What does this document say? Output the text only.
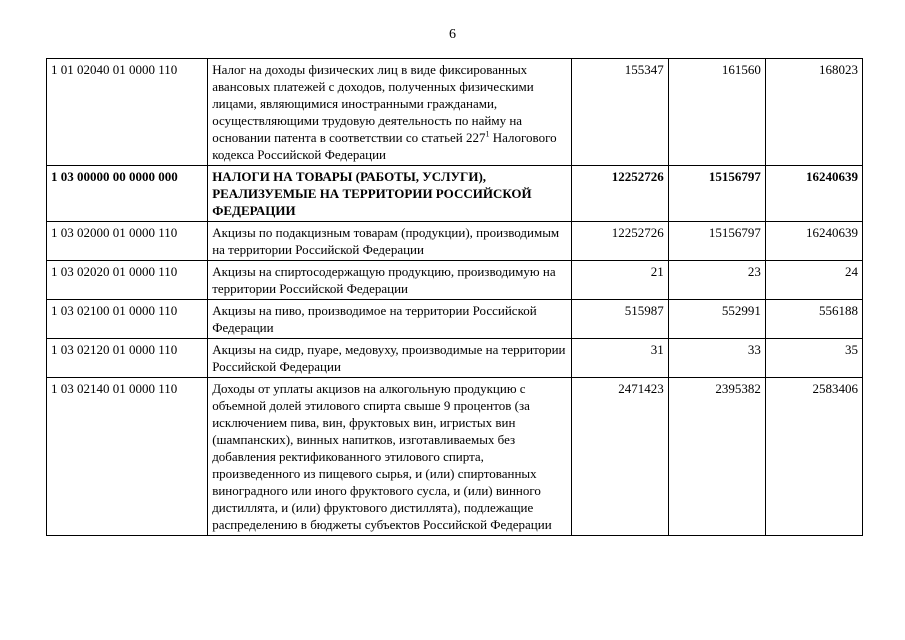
6
1 01 02040 01 0000 110	Налог на доходы физических лиц в виде фиксированных авансовых платежей с доходов, полученных физическими лицами, являющимися иностранными гражданами, осуществляющими трудовую деятельность по найму на основании патента в соответствии со статьей $227^1$ Налогового кодекса Российской Федерации	155347	161560	168023
1 03 00000 00 0000 000	НАЛОГИ НА ТОВАРЫ (РАБОТЫ, УСЛУГИ), РЕАЛИЗУЕМЫЕ НА ТЕРРИТОРИИ РОССИЙСКОЙ ФЕДЕРАЦИИ	12252726	15156797	16240639
1 03 02000 01 0000 110	Акцизы по подакцизным товарам (продукции), производимым на территории Российской Федерации	12252726	15156797	16240639
1 03 02020 01 0000 110	Акцизы на спиртосодержащую продукцию, производимую на территории Российской Федерации	21	23	24
1 03 02100 01 0000 110	Акцизы на пиво, производимое на территории Российской Федерации	515987	552991	556188
1 03 02120 01 0000 110	Акцизы на сидр, пуаре, медовуху, производимые на территории Российской Федерации	31	33	35
1 03 02140 01 0000 110	Доходы от уплаты акцизов на алкогольную продукцию с объемной долей этилового спирта свыше 9 процентов (за исключением пива, вин, фруктовых вин, игристых вин (шампанских), винных напитков, изготавливаемых без добавления ректификованного этилового спирта, произведенного из пищевого сырья, и (или) спиртованных виноградного или иного фруктового сусла, и (или) винного дистиллята, и (или) фруктового дистиллята), подлежащие распределению в бюджеты субъектов Российской Федерации	2471423	2395382	2583406
